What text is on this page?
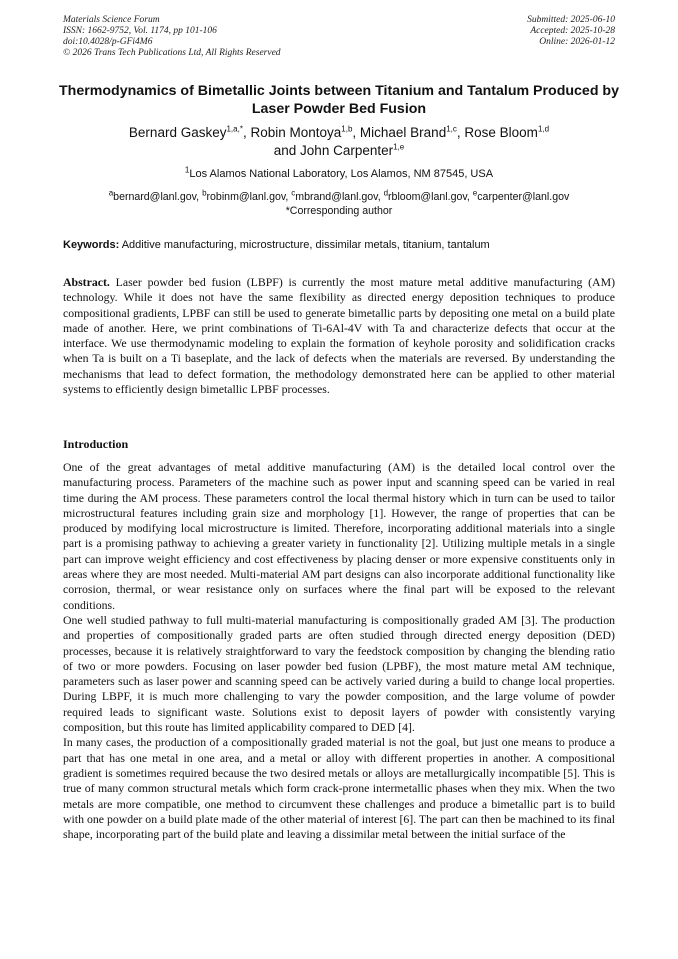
Materials Science Forum
ISSN: 1662-9752, Vol. 1174, pp 101-106
doi:10.4028/p-GFi4M6
© 2026 Trans Tech Publications Ltd, All Rights Reserved
Submitted: 2025-06-10
Accepted: 2025-10-28
Online: 2026-01-12
Thermodynamics of Bimetallic Joints between Titanium and Tantalum Produced by Laser Powder Bed Fusion
Bernard Gaskey$^{1,a,*}$, Robin Montoya$^{1,b}$, Michael Brand$^{1,c}$, Rose Bloom$^{1,d}$
and John Carpenter$^{1,e}$
$^1$Los Alamos National Laboratory, Los Alamos, NM 87545, USA
$^a$bernard@lanl.gov, $^b$robinm@lanl.gov, $^c$mbrand@lanl.gov, $^d$rbloom@lanl.gov, $^e$carpenter@lanl.gov
*Corresponding author
Keywords: Additive manufacturing, microstructure, dissimilar metals, titanium, tantalum
Abstract. Laser powder bed fusion (LBPF) is currently the most mature metal additive manufacturing (AM) technology. While it does not have the same flexibility as directed energy deposition techniques to produce compositional gradients, LPBF can still be used to generate bimetallic parts by depositing one metal on a build plate made of another. Here, we print combinations of Ti-6Al-4V with Ta and characterize defects that occur at the interface. We use thermodynamic modeling to explain the formation of keyhole porosity and solidification cracks when Ta is built on a Ti baseplate, and the lack of defects when the materials are reversed. By understanding the mechanisms that lead to defect formation, the methodology demonstrated here can be applied to other material systems to efficiently design bimetallic LPBF processes.
Introduction

One of the great advantages of metal additive manufacturing (AM) is the detailed local control over the manufacturing process. Parameters of the machine such as power input and scanning speed can be varied in real time during the AM process. These parameters control the local thermal history which in turn can be used to tailor microstructural features including grain size and morphology [1]. However, the range of properties that can be produced by modifying local microstructure is limited. Therefore, incorporating additional materials into a single part is a promising pathway to achieving a greater variety in functionality [2]. Utilizing multiple metals in a single part can improve weight efficiency and cost effectiveness by placing denser or more expensive constituents only in areas where they are most needed. Multi-material AM part designs can also incorporate additional functionality like corrosion, thermal, or wear resistance only on surfaces where the final part will be exposed to the relevant conditions.

One well studied pathway to full multi-material manufacturing is compositionally graded AM [3]. The production and properties of compositionally graded parts are often studied through directed energy deposition (DED) processes, because it is relatively straightforward to vary the feedstock composition by changing the blending ratio of two or more powders. Focusing on laser powder bed fusion (LPBF), the most mature metal AM technique, parameters such as laser power and scanning speed can be actively varied during a build to change local properties. During LBPF, it is much more challenging to vary the powder composition, and the large volume of powder required leads to significant waste. Solutions exist to deposit layers of powder with consistently varying composition, but this route has limited applicability compared to DED [4].

In many cases, the production of a compositionally graded material is not the goal, but just one means to produce a part that has one metal in one area, and a metal or alloy with different properties in another. A compositional gradient is sometimes required because the two desired metals or alloys are metallurgically incompatible [5]. This is true of many common structural metals which form crack-prone intermetallic phases when they mix. When the two metals are more compatible, one method to circumvent these challenges and produce a bimetallic part is to build with one powder on a build plate made of the other material of interest [6]. The part can then be machined to its final shape, incorporating part of the build plate and leaving a dissimilar metal between the initial surface of the
